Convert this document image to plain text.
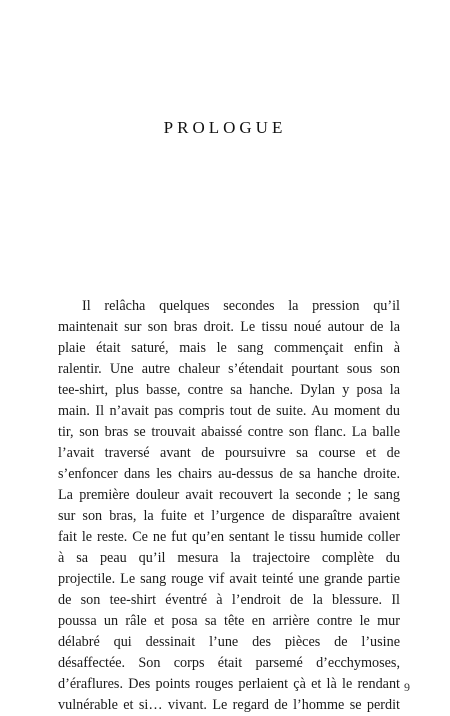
PROLOGUE
Il relâcha quelques secondes la pression qu’il
maintenait sur son bras droit. Le tissu noué autour de la
plaie était saturé, mais le sang commençait enfin à
ralentir. Une autre chaleur s’étendait pourtant sous son
tee-shirt, plus basse, contre sa hanche. Dylan y posa la
main. Il n’avait pas compris tout de suite. Au moment du
tir, son bras se trouvait abaissé contre son flanc. La balle
l’avait traversé avant de poursuivre sa course et de
s’enfoncer dans les chairs au-dessus de sa hanche droite.
La première douleur avait recouvert la seconde ; le sang
sur son bras, la fuite et l’urgence de disparaître avaient
fait le reste. Ce ne fut qu’en sentant le tissu humide coller
à sa peau qu’il mesura la trajectoire complète du
projectile. Le sang rouge vif avait teinté une grande partie
de son tee-shirt éventré à l’endroit de la blessure. Il
poussa un râle et posa sa tête en arrière contre le mur
délabré qui dessinait l’une des pièces de l’usine
désaffectée. Son corps était parsemé d’ecchymoses,
d’éraflures. Des points rouges perlaient çà et là le rendant
vulnérable et si… vivant. Le regard de l’homme se perdit
9
